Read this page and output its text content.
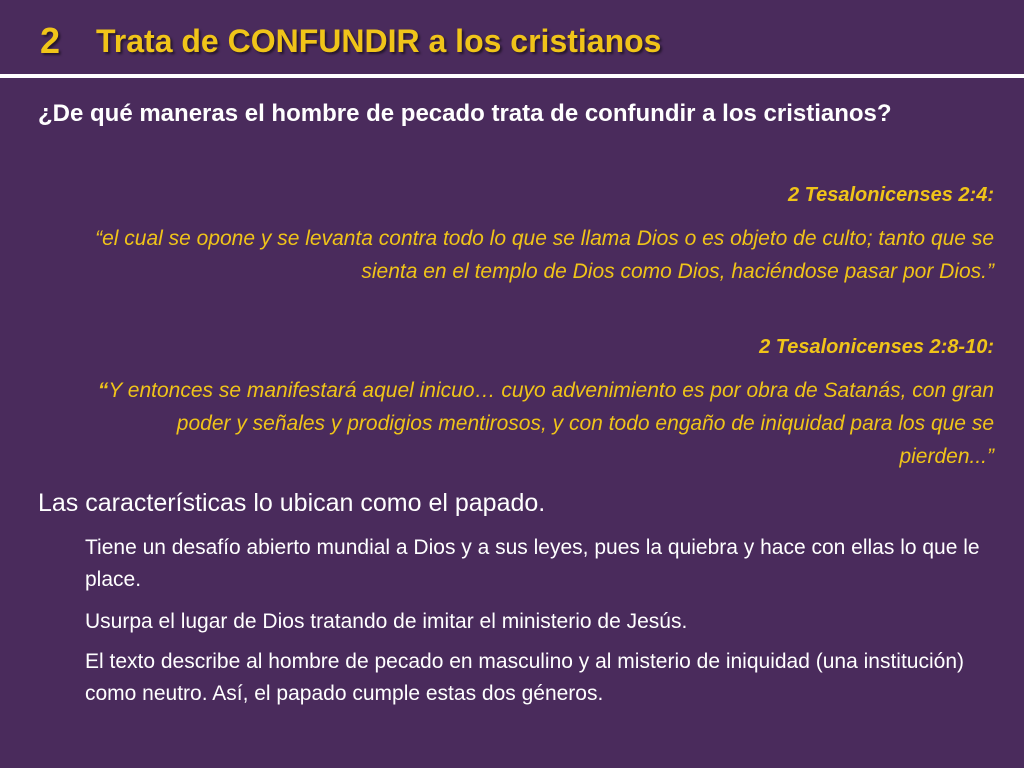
2 Trata de CONFUNDIR a los cristianos
¿De qué maneras el hombre de pecado trata de confundir a los cristianos?
2 Tesalonicenses 2:4:
“el cual se opone y se levanta contra todo lo que se llama Dios o es objeto de culto; tanto que se sienta en el templo de Dios como Dios, haciéndose pasar por Dios.”
2 Tesalonicenses 2:8-10:
“Y entonces se manifestará aquel inicuo… cuyo advenimiento es por obra de Satanás, con gran poder y señales y prodigios mentirosos, y con todo engaño de iniquidad para los que se pierden...”
Las características lo ubican como el papado.
Tiene un desafío abierto mundial a Dios y a sus leyes, pues la quiebra y hace con ellas lo que le place.
Usurpa el lugar de Dios tratando de imitar el ministerio de Jesús.
El texto describe al hombre de pecado en masculino y al misterio de iniquidad (una institución) como neutro. Así, el papado cumple estas dos géneros.
